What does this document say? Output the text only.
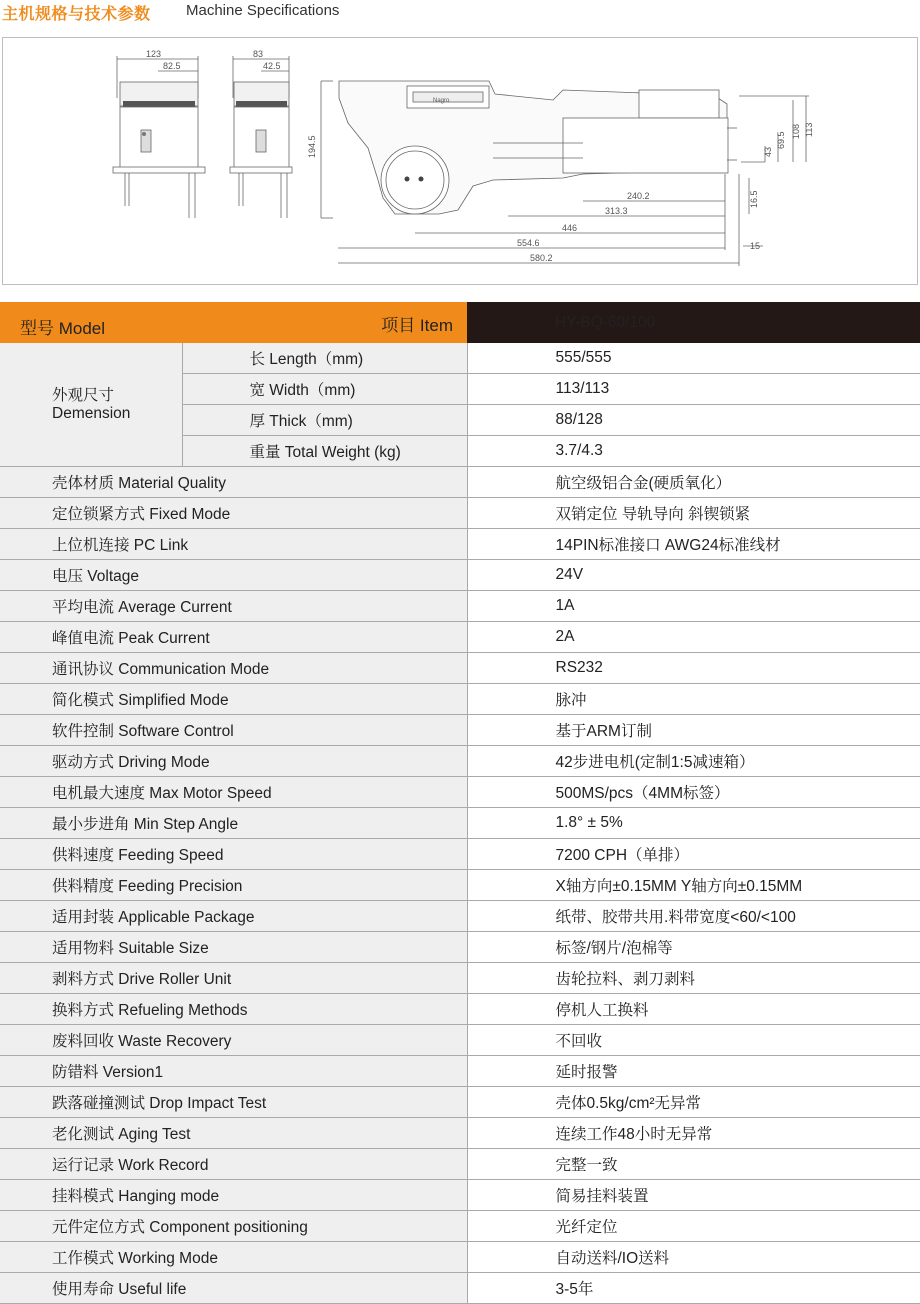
主机规格与技术参数 Machine Specifications
123
82.5
83
42.5
194.5
Nagro
240.2
313.3
446
554.6
580.2
16.5
15
43
69.5 108 113
型号 Model 项目 Item		HY-BQ-60/100
外观尺寸
Demension	长 Length（mm)	555/555
	宽 Width（mm)	113/113
	厚 Thick（mm)	88/128
	重量 Total Weight (kg)	3.7/4.3
壳体材质 Material Quality		航空级铝合金(硬质氧化）
定位锁紧方式 Fixed Mode		双销定位 导轨导向 斜锲锁紧
上位机连接 PC Link		14PIN标准接口 AWG24标准线材
电压 Voltage		24V
平均电流 Average Current		1A
峰值电流 Peak Current		2A
通讯协议 Communication Mode		RS232
简化模式 Simplified Mode		脉冲
软件控制 Software Control		基于ARM订制
驱动方式 Driving Mode		42步进电机(定制1:5减速箱）
电机最大速度 Max Motor Speed		500MS/pcs（4MM标签）
最小步进角 Min Step Angle		1.8° ± 5%
供料速度 Feeding Speed		7200 CPH（单排）
供料精度 Feeding Precision		X轴方向±0.15MM Y轴方向±0.15MM
适用封装 Applicable Package		纸带、胶带共用.料带宽度<60/<100
适用物料 Suitable Size		标签/钢片/泡棉等
剥料方式 Drive Roller Unit		齿轮拉料、剥刀剥料
换料方式 Refueling Methods		停机人工换料
废料回收 Waste Recovery		不回收
防错料 Version1		延时报警
跌落碰撞测试 Drop Impact Test		壳体0.5kg/cm²无异常
老化测试 Aging Test		连续工作48小时无异常
运行记录 Work Record		完整一致
挂料模式 Hanging mode		简易挂料装置
元件定位方式 Component positioning		光纤定位
工作模式 Working Mode		自动送料/IO送料
使用寿命 Useful life		3-5年
